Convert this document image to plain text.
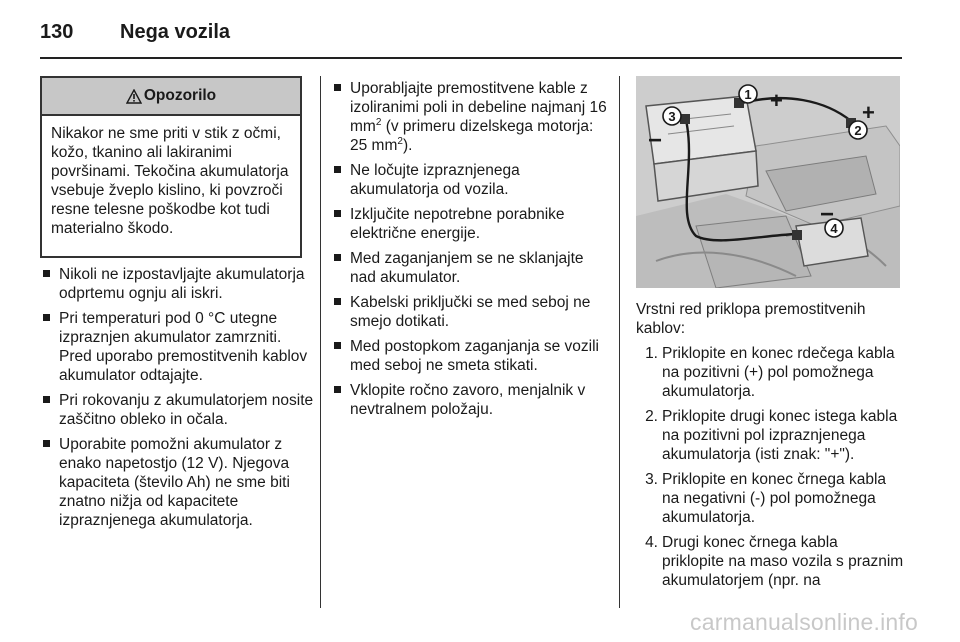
130	Nega vozila
Opozorilo
Nikakor ne sme priti v stik z očmi, kožo, tkanino ali lakiranimi površinami. Tekočina akumulatorja vsebuje žveplo kislino, ki povzroči resne telesne poškodbe kot tudi materialno škodo.
Nikoli ne izpostavljajte akumulatorja odprtemu ognju ali iskri.
Pri temperaturi pod 0 °C utegne izpraznjen akumulator zamrzniti. Pred uporabo premostitvenih kablov akumulator odtajajte.
Pri rokovanju z akumulatorjem nosite zaščitno obleko in očala.
Uporabite pomožni akumulator z enako napetostjo (12 V). Njegova kapaciteta (število Ah) ne sme biti znatno nižja od kapacitete izpraznjenega akumulatorja.
Uporabljajte premostitvene kable z izoliranimi poli in debeline najmanj 16 $mm^2$ (v primeru dizelskega motorja: 25 $mm^2$).
Ne ločujte izpraznjenega akumulatorja od vozila.
Izključite nepotrebne porabnike električne energije.
Med zaganjanjem se ne sklanjajte nad akumulator.
Kabelski priključki se med seboj ne smejo dotikati.
Med postopkom zaganjanja se vozili med seboj ne smeta stikati.
Vklopite ročno zavoro, menjalnik v nevtralnem položaju.
1
2
3
4
+	+
−
−
Vrstni red priklopa premostitvenih kablov:
1. Priklopite en konec rdečega kabla na pozitivni (+) pol pomožnega akumulatorja.
2. Priklopite drugi konec istega kabla na pozitivni pol izpraznjenega akumulatorja (isti znak: "+").
3. Priklopite en konec črnega kabla na negativni (-) pol pomožnega akumulatorja.
4. Drugi konec črnega kabla priklopite na maso vozila s praznim akumulatorjem (npr. na
carmanualsonline.info
